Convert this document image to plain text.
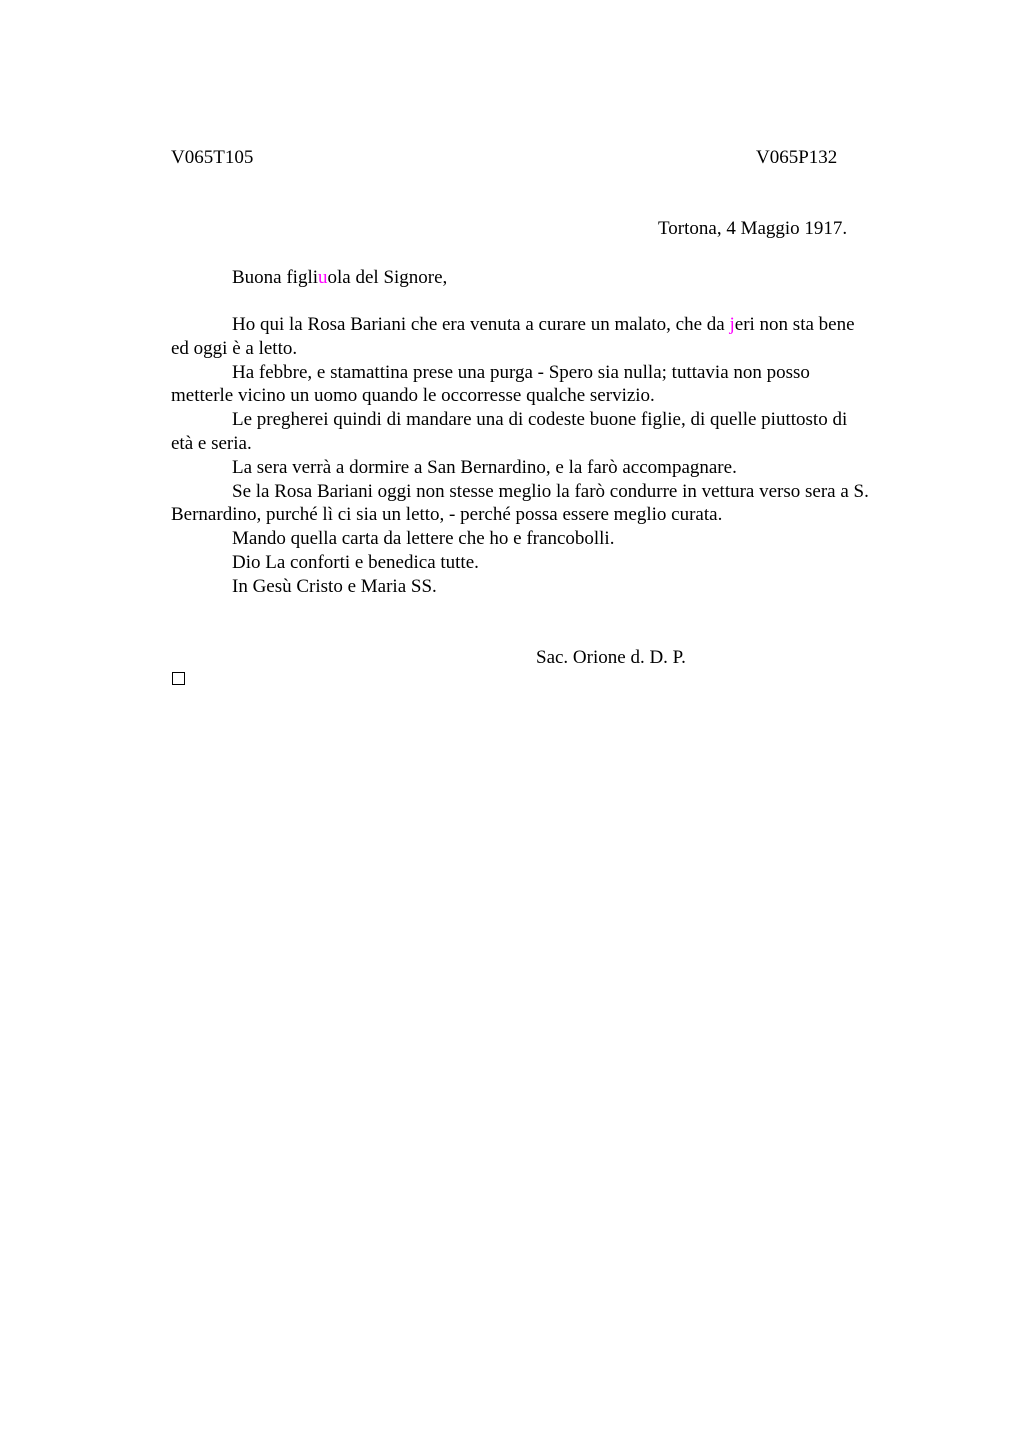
V065T105	V065P132
Tortona, 4 Maggio 1917.
Buona figliuola del Signore,

Ho qui la Rosa Bariani che era venuta a curare un malato, che da jeri non sta bene
ed oggi è a letto.

Ha febbre, e stamattina prese una purga - Spero sia nulla; tuttavia non posso
metterle vicino un uomo quando le occorresse qualche servizio.

Le pregherei quindi di mandare una di codeste buone figlie, di quelle piuttosto di
età e seria.

La sera verrà a dormire a San Bernardino, e la farò accompagnare.

Se la Rosa Bariani oggi non stesse meglio la farò condurre in vettura verso sera a S.
Bernardino, purché lì ci sia un letto, - perché possa essere meglio curata.

Mando quella carta da lettere che ho e francobolli.

Dio La conforti e benedica tutte.

In Gesù Cristo e Maria SS.

Sac. Orione d. D. P.
